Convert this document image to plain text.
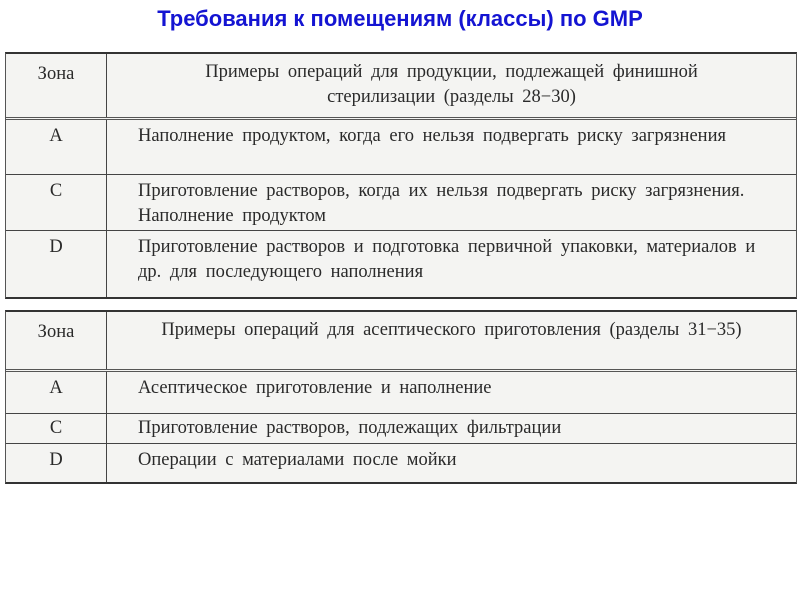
Требования к помещениям (классы) по GMP
Зона	Примеры операций для продукции, подлежащей финишной стерилизации (разделы 28−30)
A	Наполнение продуктом, когда его нельзя подвергать риску загрязнения
C	Приготовление растворов, когда их нельзя подвергать риску загрязнения. Наполнение продуктом
D	Приготовление растворов и подготовка первичной упаковки, материалов и др. для последующего наполнения
Зона	Примеры операций для асептического приготовления (разделы 31−35)
A	Асептическое приготовление и наполнение
C	Приготовление растворов, подлежащих фильтрации
D	Операции с материалами после мойки
